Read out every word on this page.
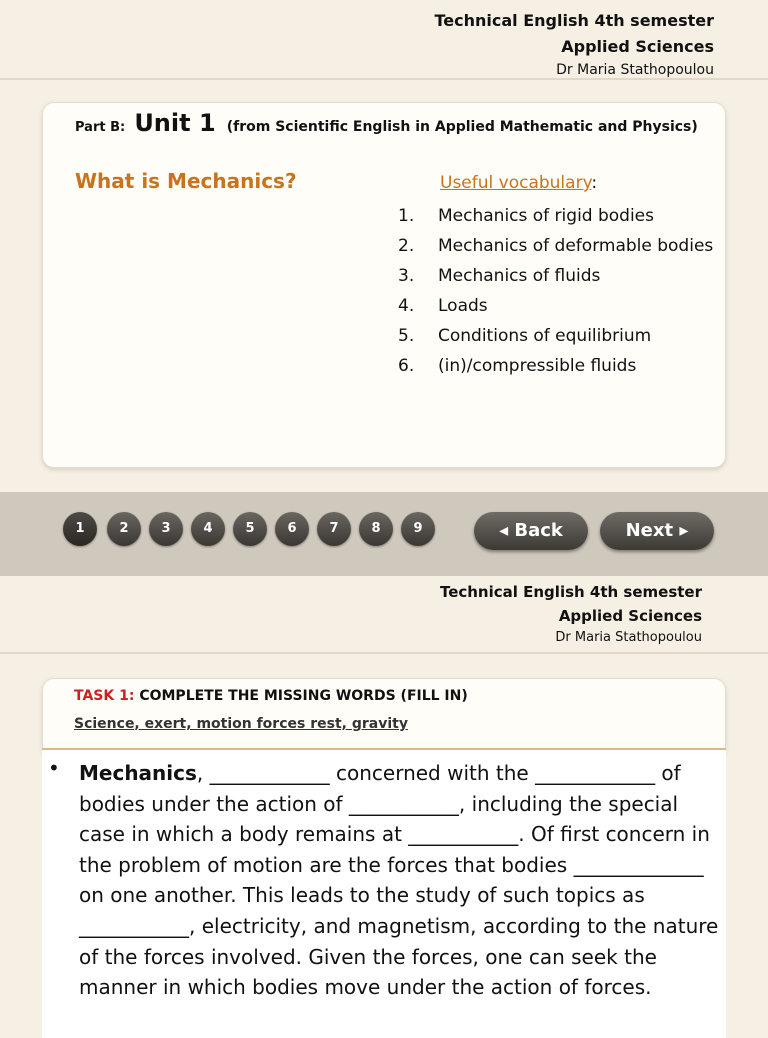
Technical English 4th semester
Applied Sciences
Dr Maria Stathopoulou
Part B: Unit 1 (from Scientific English in Applied Mathematic and Physics)
What is Mechanics?	Useful vocabulary:
1.	Mechanics of rigid bodies
2.	Mechanics of deformable bodies
3.	Mechanics of fluids
4.	Loads
5.	Conditions of equilibrium
6.	(in)/compressible fluids
1	2	3	4	5	6	7	8	9	◂ Back	Next ▸
Technical English 4th semester
Applied Sciences
Dr Maria Stathopoulou
TASK 1: COMPLETE THE MISSING WORDS (FILL IN)
Science, exert, motion forces rest, gravity
• Mechanics, ____________ concerned with the ____________ of bodies under the action of ___________, including the special case in which a body remains at ___________. Of first concern in the problem of motion are the forces that bodies _____________ on one another. This leads to the study of such topics as ___________, electricity, and magnetism, according to the nature of the forces involved. Given the forces, one can seek the manner in which bodies move under the action of forces.
